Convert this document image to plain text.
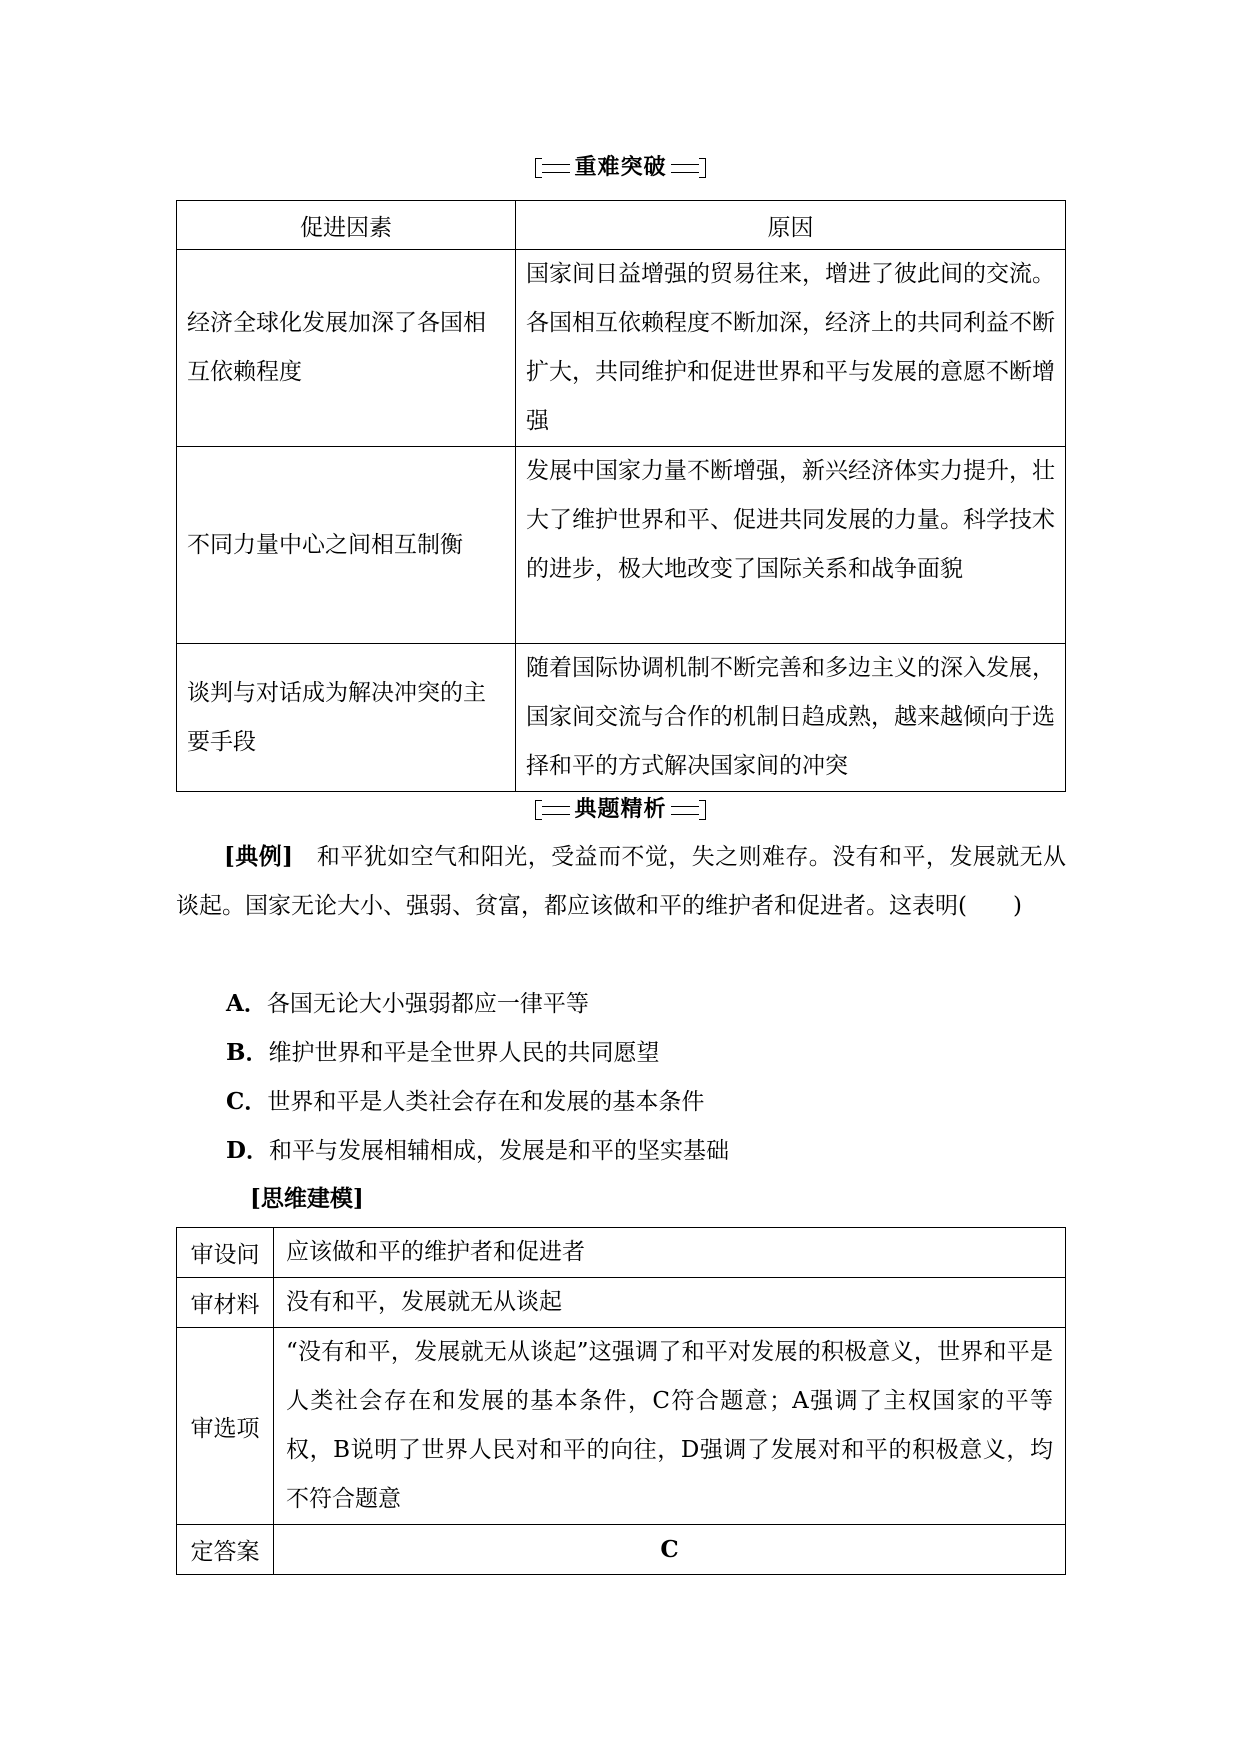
重难突破
促进因素	原因
经济全球化发展加深了各国相互依赖程度	国家间日益增强的贸易往来，增进了彼此间的交流。各国相互依赖程度不断加深，经济上的共同利益不断扩大，共同维护和促进世界和平与发展的意愿不断增强
不同力量中心之间相互制衡	发展中国家力量不断增强，新兴经济体实力提升，壮大了维护世界和平、促进共同发展的力量。科学技术的进步，极大地改变了国际关系和战争面貌
谈判与对话成为解决冲突的主要手段	随着国际协调机制不断完善和多边主义的深入发展，国家间交流与合作的机制日趋成熟，越来越倾向于选择和平的方式解决国家间的冲突
典题精析
[典例]　 和平犹如空气和阳光，受益而不觉，失之则难存。没有和平，发展就无从谈起。国家无论大小、强弱、贫富，都应该做和平的维护者和促进者。这表明(　　)
A．各国无论大小强弱都应一律平等
B．维护世界和平是全世界人民的共同愿望
C．世界和平是人类社会存在和发展的基本条件
D．和平与发展相辅相成，发展是和平的坚实基础
[思维建模]
审设问	应该做和平的维护者和促进者
审材料	没有和平，发展就无从谈起
审选项	“没有和平，发展就无从谈起”这强调了和平对发展的积极意义，世界和平是人类社会存在和发展的基本条件，C符合题意；A强调了主权国家的平等权，B说明了世界人民对和平的向往，D强调了发展对和平的积极意义，均不符合题意
定答案	C
